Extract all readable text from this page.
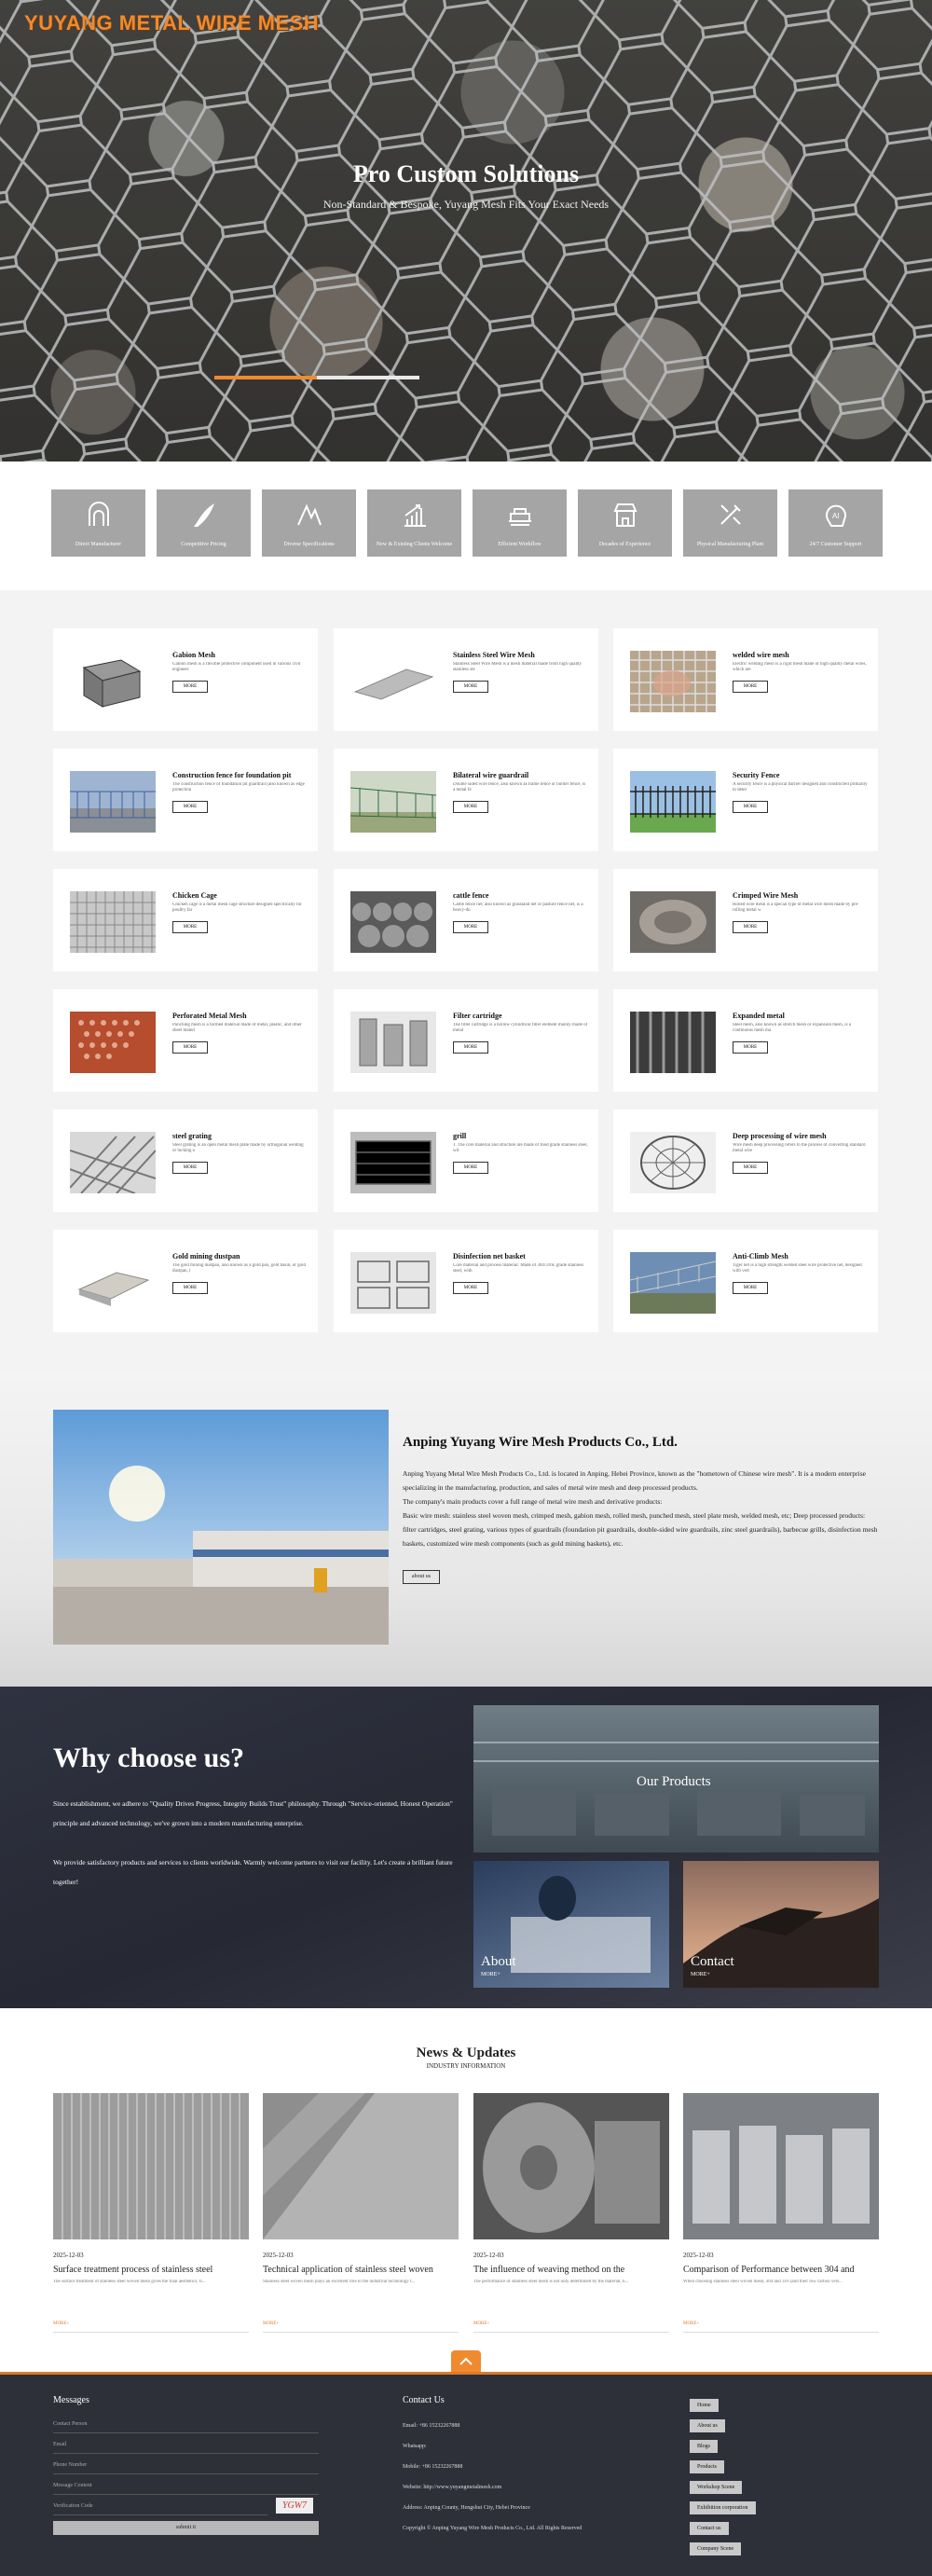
YUYANG METAL WIRE MESH
Pro Custom Solutions
Non-Standard & Bespoke, Yuyang Mesh Fits Your Exact Needs
Direct Manufacturer	Competitive Pricing	Diverse Specifications	New & Existing Clients Welcome	Efficient Workflow	Decades of Experience	Physical Manufacturing Plant
AI
24/7 Customer Support
Gabion Mesh
Gabion mesh is a flexible protective component used in various civil engineer.
MORE
Stainless Steel Wire Mesh
Stainless Steel Wire Mesh is a mesh material made from high quality stainless ste
MORE
welded wire mesh
Electric welding mesh is a rigid mesh made of high quality metal wires, which are
MORE
Construction fence for foundation pit
The construction fence of foundation pit guardrail (also known as edge protection
MORE
Bilateral wire guardrail
Double sided wire fence, also known as frame fence or border fence, is a metal fe
MORE
Security Fence
A security fence is a physical barrier designed and constructed primarily to deter
MORE
Chicken Cage
Chicken cage is a metal mesh cage structure designed specifically for poultry far
MORE
cattle fence
Cattle fence net, also known as grassland net or pasture fence net, is a heavy-du
MORE
Crimped Wire Mesh
Rolled wire mesh is a special type of metal wire mesh made by pre-rolling metal w
MORE
Perforated Metal Mesh
Punching mesh is a formed material made of metal, plastic, and other sheet materi
MORE
Filter cartridge
The filter cartridge is a hollow cylindrical filter element mainly made of metal
MORE
Expanded metal
Steel mesh, also known as stretch mesh or expansion mesh, is a continuous mesh ma
MORE
steel grating
Steel grating is an open metal mesh plate made by orthogonal welding or locking o
MORE
grill
1. The core material and structure are made of food grade stainless steel, wit
MORE
Deep processing of wire mesh
Wire mesh deep processing refers to the process of converting standard metal wire
MORE
Gold mining dustpan
The gold mining dustpan, also known as a gold pan, gold basin, or gold dustpan, i
MORE
Disinfection net basket
Core material and process material: Made of 304/316L grade stainless steel, with
MORE
Anti-Climb Mesh
Tiger net is a high strength welded steel wire protective net, designed with vert
MORE
Anping Yuyang Wire Mesh Products Co., Ltd.
Anping Yuyang Metal Wire Mesh Products Co., Ltd. is located in Anping, Hebei Province, known as the "hometown of Chinese wire mesh". It is a modern enterprise specializing in the manufacturing, production, and sales of metal wire mesh and deep processed products.
The company's main products cover a full range of metal wire mesh and derivative products:
Basic wire mesh: stainless steel woven mesh, crimped mesh, gabion mesh, rolled mesh, punched mesh, steel plate mesh, welded mesh, etc; Deep processed products: filter cartridges, steel grating, various types of guardrails (foundation pit guardrails, double-sided wire guardrails, zinc steel guardrails), barbecue grills, disinfection mesh baskets, customized wire mesh components (such as gold mining baskets), etc.
about us
Why choose us?
Since establishment, we adhere to "Quality Drives Progress, Integrity Builds Trust" philosophy. Through "Service-oriented, Honest Operation" principle and advanced technology, we've grown into a modern manufacturing enterprise.
We provide satisfactory products and services to clients worldwide. Warmly welcome partners to visit our facility. Let's create a brilliant future together!
Our Products
About
MORE+
Contact
MORE+
News & Updates
INDUSTRY INFORMATION
2025-12-03
Surface treatment process of stainless steel
The surface treatment of stainless steel woven mesh gives the final aesthetics, fi...
MORE+
2025-12-03
Technical application of stainless steel woven
Stainless steel woven mesh plays an excellent role in the industrial technology f...
MORE+
2025-12-03
The influence of weaving method on the
The performance of stainless steel mesh is not only determined by the material, b...
MORE+
2025-12-03
Comparison of Performance between 304 and
When choosing stainless steel woven mesh, 304 and 316 (and their low carbon vers...
MORE+
Messages
Contact Person
Email
Phone Number
Message Content
Verification Code	YGW7
submit it
Contact Us
Email: +86 15232267888
Whatsapp:
Mobile: +86 15232267888
Website: http://www.yuyangmetalmesh.com
Address: Anping County, Hengshui City, Hebei Province
Copyright © Anping Yuyang Wire Mesh Products Co., Ltd. All Rights Reserved
Home
About us
Blogs
Products
Workshop Scene
Exhibition corporation
Contact us
Company Scene
